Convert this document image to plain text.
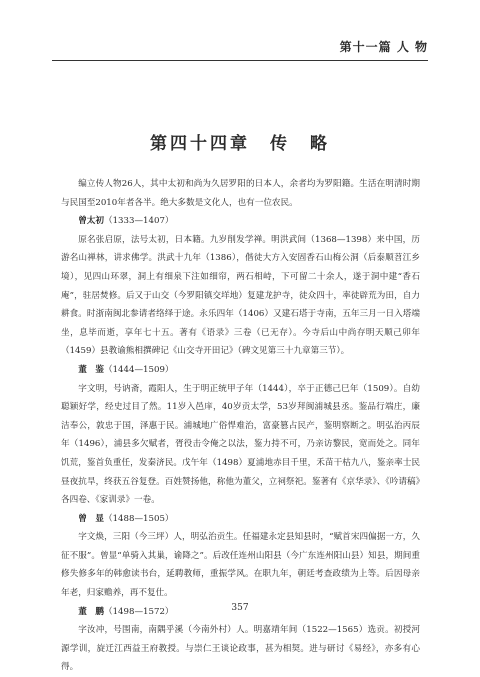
第十一篇 人 物
第四十四章　传　略

编立传人物26人，其中太初和尚为久居罗阳的日本人，余者均为罗阳籍。生活在明清时期与民国至2010年者各半。绝大多数是文化人，也有一位农民。

曾太初（1333—1407）

原名张启原，法号太初，日本籍。九岁削发学禅。明洪武间（1368—1398）来中国，历游名山禅林，讲求佛学。洪武十九年（1386），偕徒大方入安固香石山梅公洞（后泰顺苕江乡境），见四山环翠，洞上有细泉下注如细帘，两石相峙，下可留二十余人，遂于洞中建“香石庵”，驻居焚修。后又于山交（今罗阳镇交垟地）复建龙护寺，徒众四十，率徒辟荒为田，自力耕食。时浙南闽北参请者络绎于途。永乐四年（1406）又建石塔于寺南，五年三月一日入塔端坐，息毕而逝，享年七十五。著有《语录》三卷（已无存）。今寺后山中尚存明天顺己卯年（1459）县教谕熊相撰碑记《山交寺开田记》（碑文见第三十九章第三节）。

董　鉴（1444—1509）

字文明，号讷斋，霞阳人，生于明正统甲子年（1444），卒于正德己巳年（1509）。自幼聪颖好学，经史过目了然。11岁入邑庠，40岁贡太学，53岁拜闽浦城县丞。鉴品行端庄，廉洁奉公，敦忠于国，泽惠于民。浦城地广俗悍难治，富豪篡占民产，鉴明察断之。明弘治丙辰年（1496），浦县多欠赋者，胥役击令俺之以法，鉴力持不可，乃亲访黎民，宽而处之。同年饥荒，鉴首负重任，发秦济民。戊午年（1498）夏浦地赤目千里，禾苗干枯九八，鉴亲率士民昼夜抗旱，终获五谷复登。百姓赞扬他，称他为董父，立祠祭祀。鉴著有《京华录》、《吟请稿》各四卷、《家训录》一卷。

曾　显（1488—1505）

字文焕，三阳（今三坪）人，明弘治贡生。任福建永定县知县时，“赋首宋四偏据一方，久征不服”。曾显“单骑入其巢，谕降之”。后改任连州山阳县（今广东连州阳山县）知县，期间重修失修多年的韩愈读书台，延聘教师，重振学风。在职九年，朝廷考查政绩为上等。后因母亲年老，归家赡养，再不复仕。

董　鹏（1498—1572）

字汝冲，号围南，南隅乎溪（今南外村）人。明嘉靖年间（1522—1565）选贡。初授河源学训，旋迁江西益王府教授。与崇仁王谈论政事，甚为相契。进与研讨《易经》，亦多有心得。

357
